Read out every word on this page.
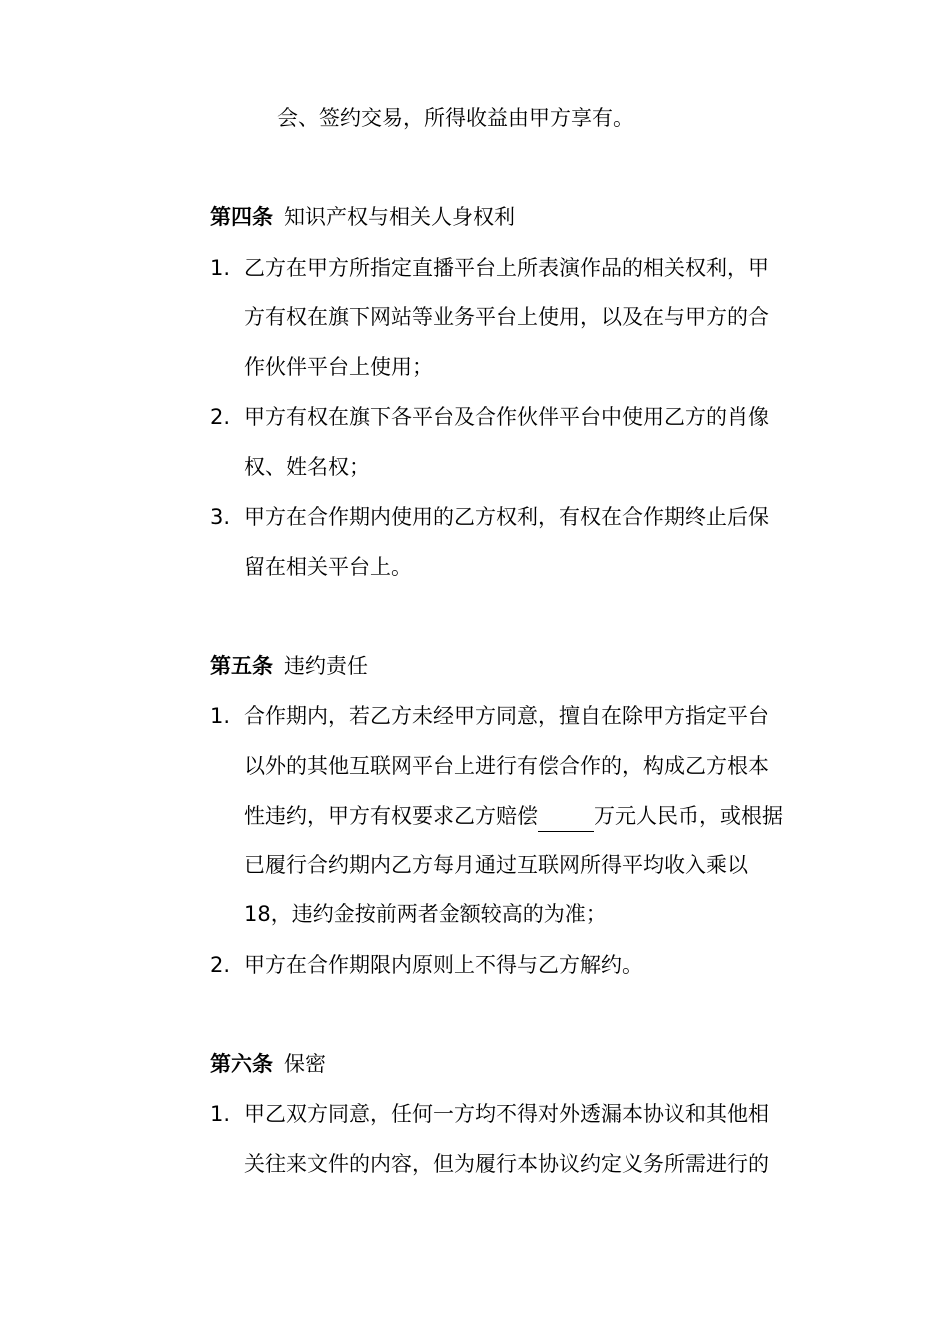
会、签约交易，所得收益由甲方享有。
第四条 知识产权与相关人身权利
1. 乙方在甲方所指定直播平台上所表演作品的相关权利，甲
方有权在旗下网站等业务平台上使用，以及在与甲方的合
作伙伴平台上使用；
2. 甲方有权在旗下各平台及合作伙伴平台中使用乙方的肖像
权、姓名权；
3. 甲方在合作期内使用的乙方权利，有权在合作期终止后保
留在相关平台上。
第五条 违约责任
1. 合作期内，若乙方未经甲方同意，擅自在除甲方指定平台
以外的其他互联网平台上进行有偿合作的，构成乙方根本
性违约，甲方有权要求乙方赔偿	万元人民币，或根据
已履行合约期内乙方每月通过互联网所得平均收入乘以
18，违约金按前两者金额较高的为准；
2. 甲方在合作期限内原则上不得与乙方解约。
第六条 保密
1. 甲乙双方同意，任何一方均不得对外透漏本协议和其他相
关往来文件的内容，但为履行本协议约定义务所需进行的
